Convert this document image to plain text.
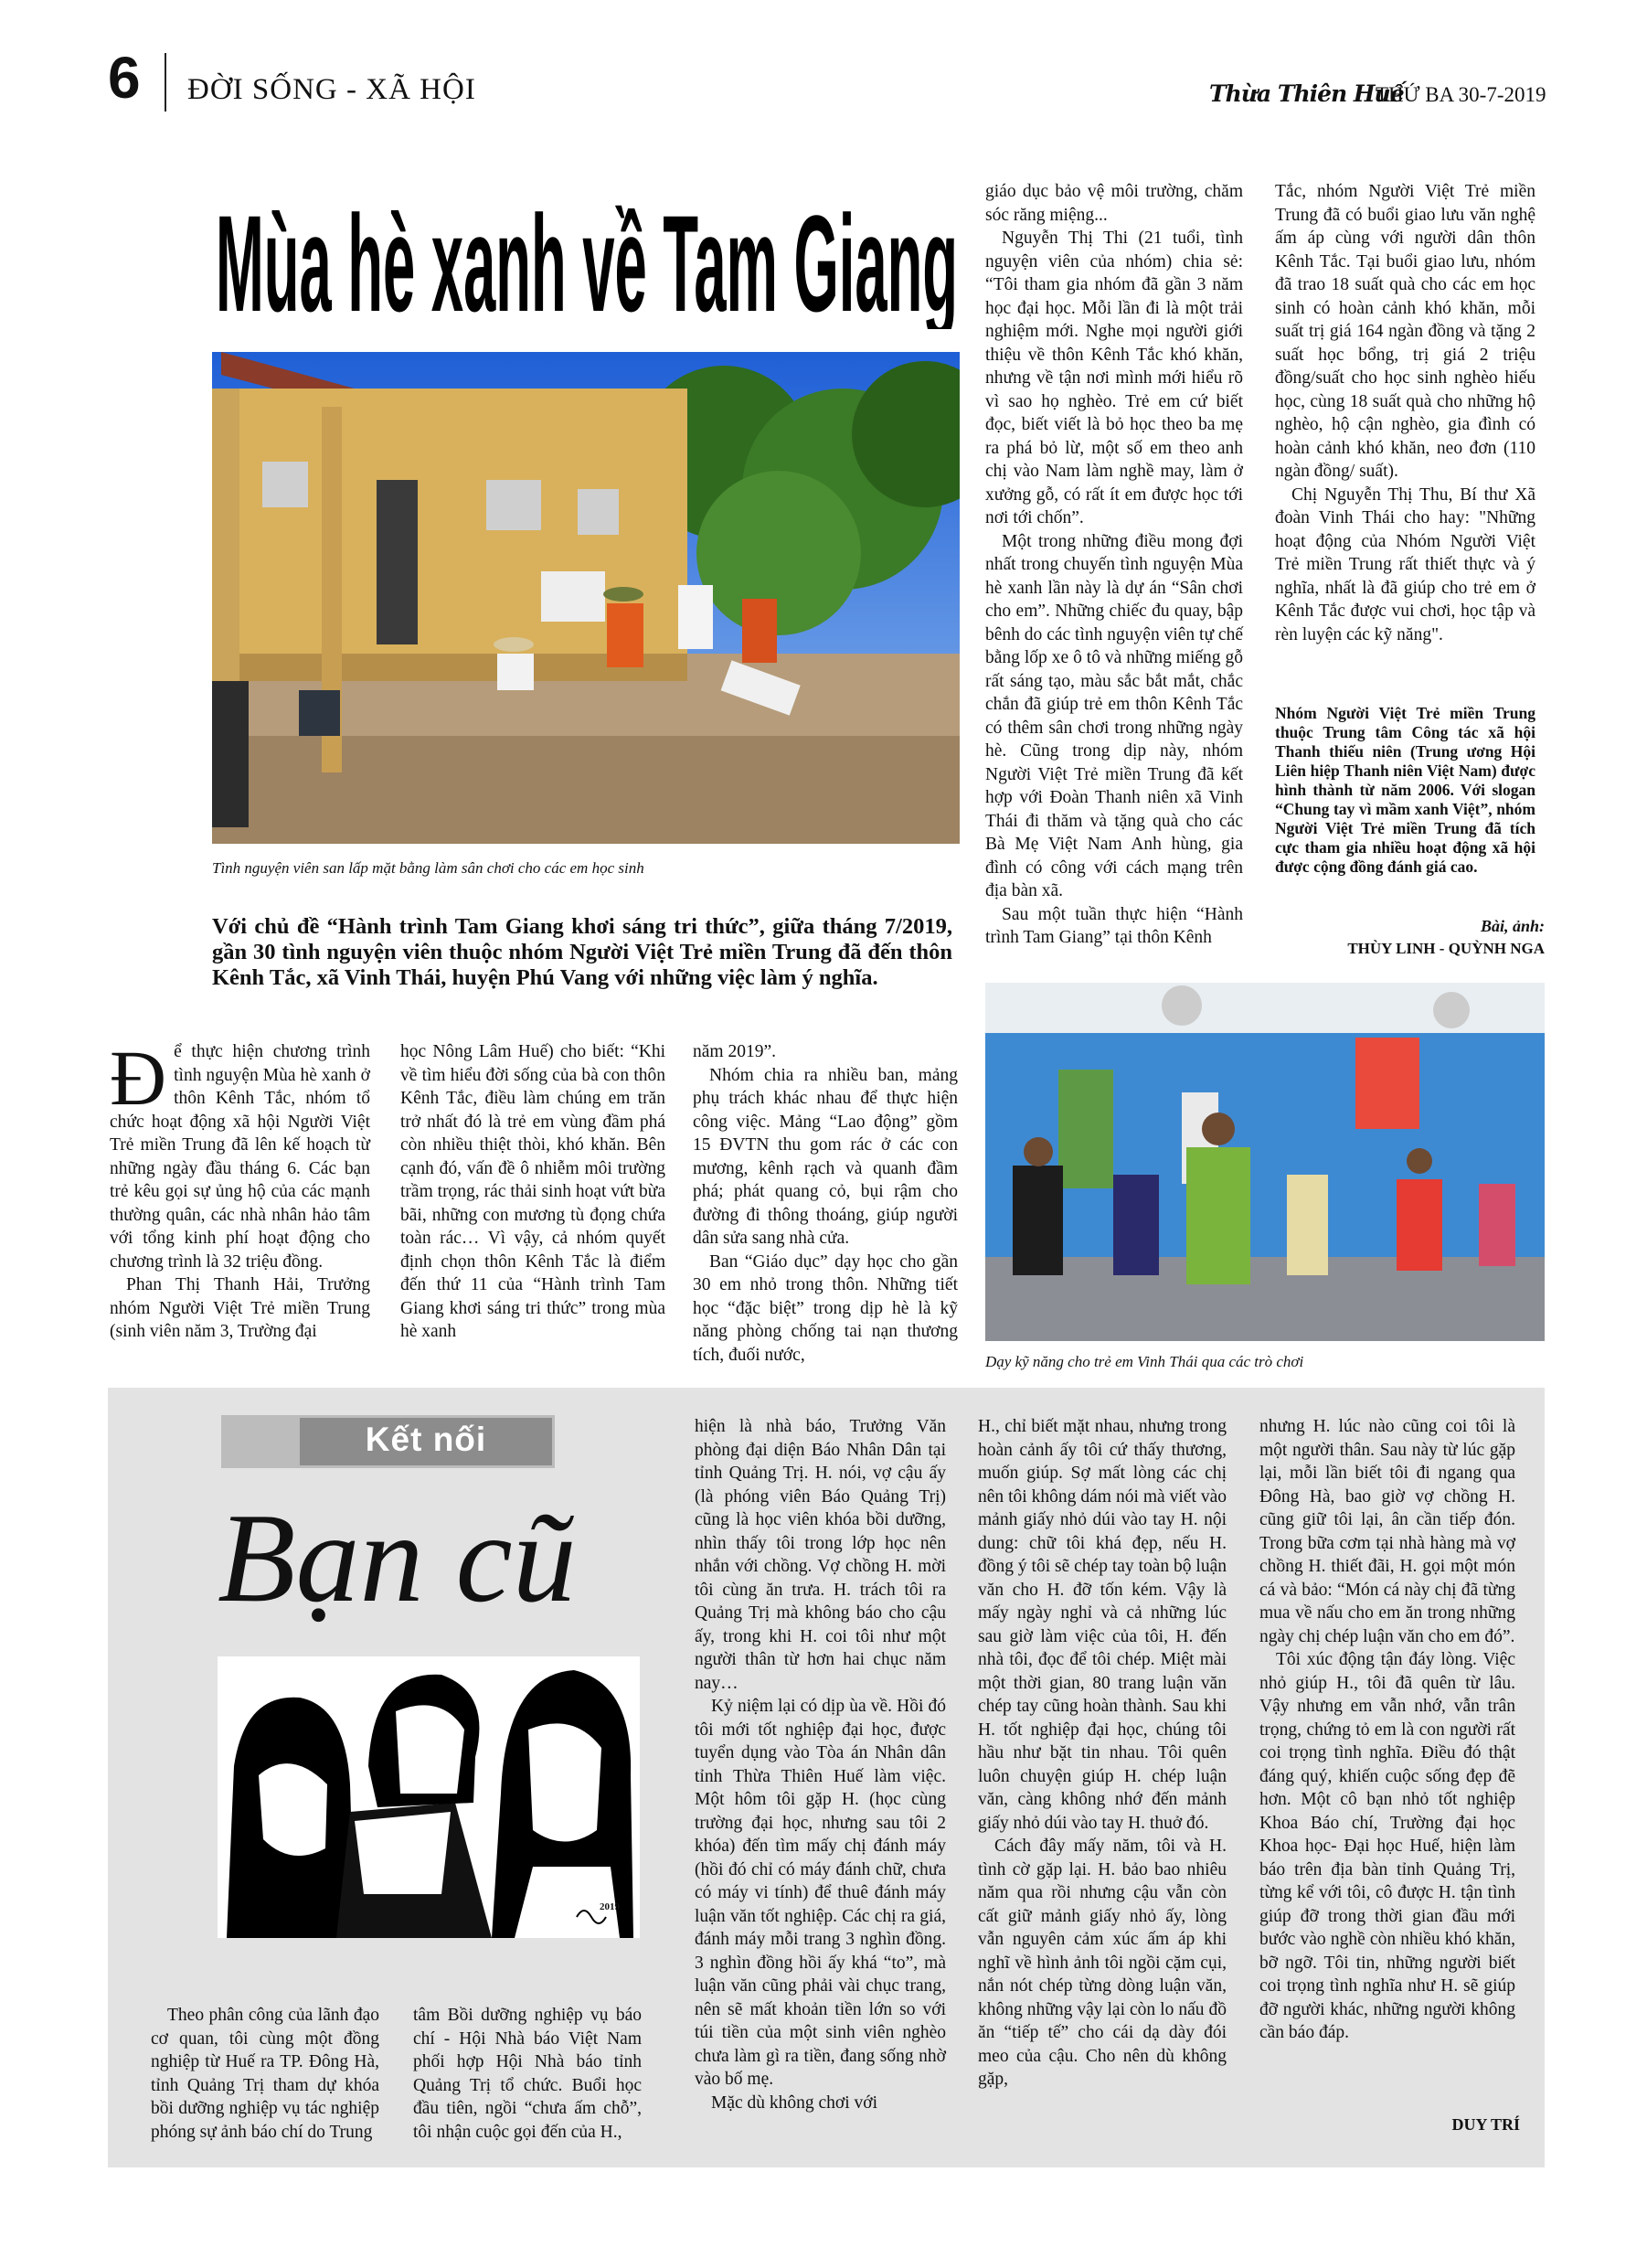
6 ĐỜI SỐNG - XÃ HỘI	Thừa Thiên Huế
THỨ BA 30-7-2019
Mùa hè xanh về Tam Giang
Tình nguyện viên san lấp mặt bằng làm sân chơi cho các em học sinh
Với chủ đề “Hành trình Tam Giang khơi sáng tri thức”, giữa tháng 7/2019, gần 30 tình nguyện viên thuộc nhóm Người Việt Trẻ miền Trung đã đến thôn Kênh Tắc, xã Vinh Thái, huyện Phú Vang với những việc làm ý nghĩa.

Để thực hiện chương trình tình nguyện Mùa hè xanh ở thôn Kênh Tắc, nhóm tổ chức hoạt động xã hội Người Việt Trẻ miền Trung đã lên kế hoạch từ những ngày đầu tháng 6. Các bạn trẻ kêu gọi sự ủng hộ của các mạnh thường quân, các nhà nhân hảo tâm với tổng kinh phí hoạt động cho chương trình là 32 triệu đồng.

Phan Thị Thanh Hải, Trưởng nhóm Người Việt Trẻ miền Trung (sinh viên năm 3, Trường đại

học Nông Lâm Huế) cho biết: “Khi về tìm hiểu đời sống của bà con thôn Kênh Tắc, điều làm chúng em trăn trở nhất đó là trẻ em vùng đầm phá còn nhiều thiệt thòi, khó khăn. Bên cạnh đó, vấn đề ô nhiễm môi trường trầm trọng, rác thải sinh hoạt vứt bừa bãi, những con mương tù đọng chứa toàn rác… Vì vậy, cả nhóm quyết định chọn thôn Kênh Tắc là điểm đến thứ 11 của “Hành trình Tam Giang khơi sáng tri thức” trong mùa hè xanh

năm 2019”.

Nhóm chia ra nhiều ban, mảng phụ trách khác nhau để thực hiện công việc. Mảng “Lao động” gồm 15 ĐVTN thu gom rác ở các con mương, kênh rạch và quanh đầm phá; phát quang cỏ, bụi rậm cho đường đi thông thoáng, giúp người dân sửa sang nhà cửa.

Ban “Giáo dục” dạy học cho gần 30 em nhỏ trong thôn. Những tiết học “đặc biệt” trong dịp hè là kỹ năng phòng chống tai nạn thương tích, đuối nước,

giáo dục bảo vệ môi trường, chăm sóc răng miệng...

Nguyễn Thị Thi (21 tuổi, tình nguyện viên của nhóm) chia sẻ: “Tôi tham gia nhóm đã gần 3 năm học đại học. Mỗi lần đi là một trải nghiệm mới. Nghe mọi người giới thiệu về thôn Kênh Tắc khó khăn, nhưng về tận nơi mình mới hiểu rõ vì sao họ nghèo. Trẻ em cứ biết đọc, biết viết là bỏ học theo ba mẹ ra phá bỏ lừ, một số em theo anh chị vào Nam làm nghề may, làm ở xưởng gỗ, có rất ít em được học tới nơi tới chốn”.

Một trong những điều mong đợi nhất trong chuyến tình nguyện Mùa hè xanh lần này là dự án “Sân chơi cho em”. Những chiếc đu quay, bập bênh do các tình nguyện viên tự chế bằng lốp xe ô tô và những miếng gỗ rất sáng tạo, màu sắc bắt mắt, chắc chắn đã giúp trẻ em thôn Kênh Tắc có thêm sân chơi trong những ngày hè. Cũng trong dịp này, nhóm Người Việt Trẻ miền Trung đã kết hợp với Đoàn Thanh niên xã Vinh Thái đi thăm và tặng quà cho các Bà Mẹ Việt Nam Anh hùng, gia đình có công với cách mạng trên địa bàn xã.

Sau một tuần thực hiện “Hành trình Tam Giang” tại thôn Kênh

Tắc, nhóm Người Việt Trẻ miền Trung đã có buổi giao lưu văn nghệ ấm áp cùng với người dân thôn Kênh Tắc. Tại buổi giao lưu, nhóm đã trao 18 suất quà cho các em học sinh có hoàn cảnh khó khăn, mỗi suất trị giá 164 ngàn đồng và tặng 2 suất học bổng, trị giá 2 triệu đồng/suất cho học sinh nghèo hiếu học, cùng 18 suất quà cho những hộ nghèo, hộ cận nghèo, gia đình có hoàn cảnh khó khăn, neo đơn (110 ngàn đồng/ suất).

Chị Nguyễn Thị Thu, Bí thư Xã đoàn Vinh Thái cho hay: "Những hoạt động của Nhóm Người Việt Trẻ miền Trung rất thiết thực và ý nghĩa, nhất là đã giúp cho trẻ em ở Kênh Tắc được vui chơi, học tập và rèn luyện các kỹ năng".

Nhóm Người Việt Trẻ miền Trung thuộc Trung tâm Công tác xã hội Thanh thiếu niên (Trung ương Hội Liên hiệp Thanh niên Việt Nam) được hình thành từ năm 2006. Với slogan “Chung tay vì mầm xanh Việt”, nhóm Người Việt Trẻ miền Trung đã tích cực tham gia nhiều hoạt động xã hội được cộng đồng đánh giá cao.
Bài, ảnh:
THÙY LINH - QUỲNH NGA
Dạy kỹ năng cho trẻ em Vinh Thái qua các trò chơi
Kết nối
Bạn cũ
2019

Theo phân công của lãnh đạo cơ quan, tôi cùng một đồng nghiệp từ Huế ra TP. Đông Hà, tỉnh Quảng Trị tham dự khóa bồi dưỡng nghiệp vụ tác nghiệp phóng sự ảnh báo chí do Trung

tâm Bồi dưỡng nghiệp vụ báo chí - Hội Nhà báo Việt Nam phối hợp Hội Nhà báo tỉnh Quảng Trị tổ chức. Buổi học đầu tiên, ngồi “chưa ấm chỗ”, tôi nhận cuộc gọi đến của H.,

hiện là nhà báo, Trưởng Văn phòng đại diện Báo Nhân Dân tại tỉnh Quảng Trị. H. nói, vợ cậu ấy (là phóng viên Báo Quảng Trị) cũng là học viên khóa bồi dưỡng, nhìn thấy tôi trong lớp học nên nhắn với chồng. Vợ chồng H. mời tôi cùng ăn trưa. H. trách tôi ra Quảng Trị mà không báo cho cậu ấy, trong khi H. coi tôi như một người thân từ hơn hai chục năm nay…

Kỷ niệm lại có dịp ùa về. Hồi đó tôi mới tốt nghiệp đại học, được tuyển dụng vào Tòa án Nhân dân tỉnh Thừa Thiên Huế làm việc. Một hôm tôi gặp H. (học cùng trường đại học, nhưng sau tôi 2 khóa) đến tìm mấy chị đánh máy (hồi đó chỉ có máy đánh chữ, chưa có máy vi tính) để thuê đánh máy luận văn tốt nghiệp. Các chị ra giá, đánh máy mỗi trang 3 nghìn đồng. 3 nghìn đồng hồi ấy khá “to”, mà luận văn cũng phải vài chục trang, nên sẽ mất khoản tiền lớn so với túi tiền của một sinh viên nghèo chưa làm gì ra tiền, đang sống nhờ vào bố mẹ.

Mặc dù không chơi với

H., chỉ biết mặt nhau, nhưng trong hoàn cảnh ấy tôi cứ thấy thương, muốn giúp. Sợ mất lòng các chị nên tôi không dám nói mà viết vào mảnh giấy nhỏ dúi vào tay H. nội dung: chữ tôi khá đẹp, nếu H. đồng ý tôi sẽ chép tay toàn bộ luận văn cho H. đỡ tốn kém. Vậy là mấy ngày nghỉ và cả những lúc sau giờ làm việc của tôi, H. đến nhà tôi, đọc để tôi chép. Miệt mài một thời gian, 80 trang luận văn chép tay cũng hoàn thành. Sau khi H. tốt nghiệp đại học, chúng tôi hầu như bặt tin nhau. Tôi quên luôn chuyện giúp H. chép luận văn, càng không nhớ đến mảnh giấy nhỏ dúi vào tay H. thuở đó.

Cách đây mấy năm, tôi và H. tình cờ gặp lại. H. bảo bao nhiêu năm qua rồi nhưng cậu vẫn còn cất giữ mảnh giấy nhỏ ấy, lòng vẫn nguyên cảm xúc ấm áp khi nghĩ về hình ảnh tôi ngồi cặm cụi, nắn nót chép từng dòng luận văn, không những vậy lại còn lo nấu đồ ăn “tiếp tế” cho cái dạ dày đói meo của cậu. Cho nên dù không gặp,

nhưng H. lúc nào cũng coi tôi là một người thân. Sau này từ lúc gặp lại, mỗi lần biết tôi đi ngang qua Đông Hà, bao giờ vợ chồng H. cũng giữ tôi lại, ân cần tiếp đón. Trong bữa cơm tại nhà hàng mà vợ chồng H. thiết đãi, H. gọi một món cá và bảo: “Món cá này chị đã từng mua về nấu cho em ăn trong những ngày chị chép luận văn cho em đó”.

Tôi xúc động tận đáy lòng. Việc nhỏ giúp H., tôi đã quên từ lâu. Vậy nhưng em vẫn nhớ, vẫn trân trọng, chứng tỏ em là con người rất coi trọng tình nghĩa. Điều đó thật đáng quý, khiến cuộc sống đẹp đẽ hơn. Một cô bạn nhỏ tốt nghiệp Khoa Báo chí, Trường đại học Khoa học- Đại học Huế, hiện làm báo trên địa bàn tỉnh Quảng Trị, từng kể với tôi, cô được H. tận tình giúp đỡ trong thời gian đầu mới bước vào nghề còn nhiều khó khăn, bỡ ngỡ. Tôi tin, những người biết coi trọng tình nghĩa như H. sẽ giúp đỡ người khác, những người không cần báo đáp.

DUY TRÍ
